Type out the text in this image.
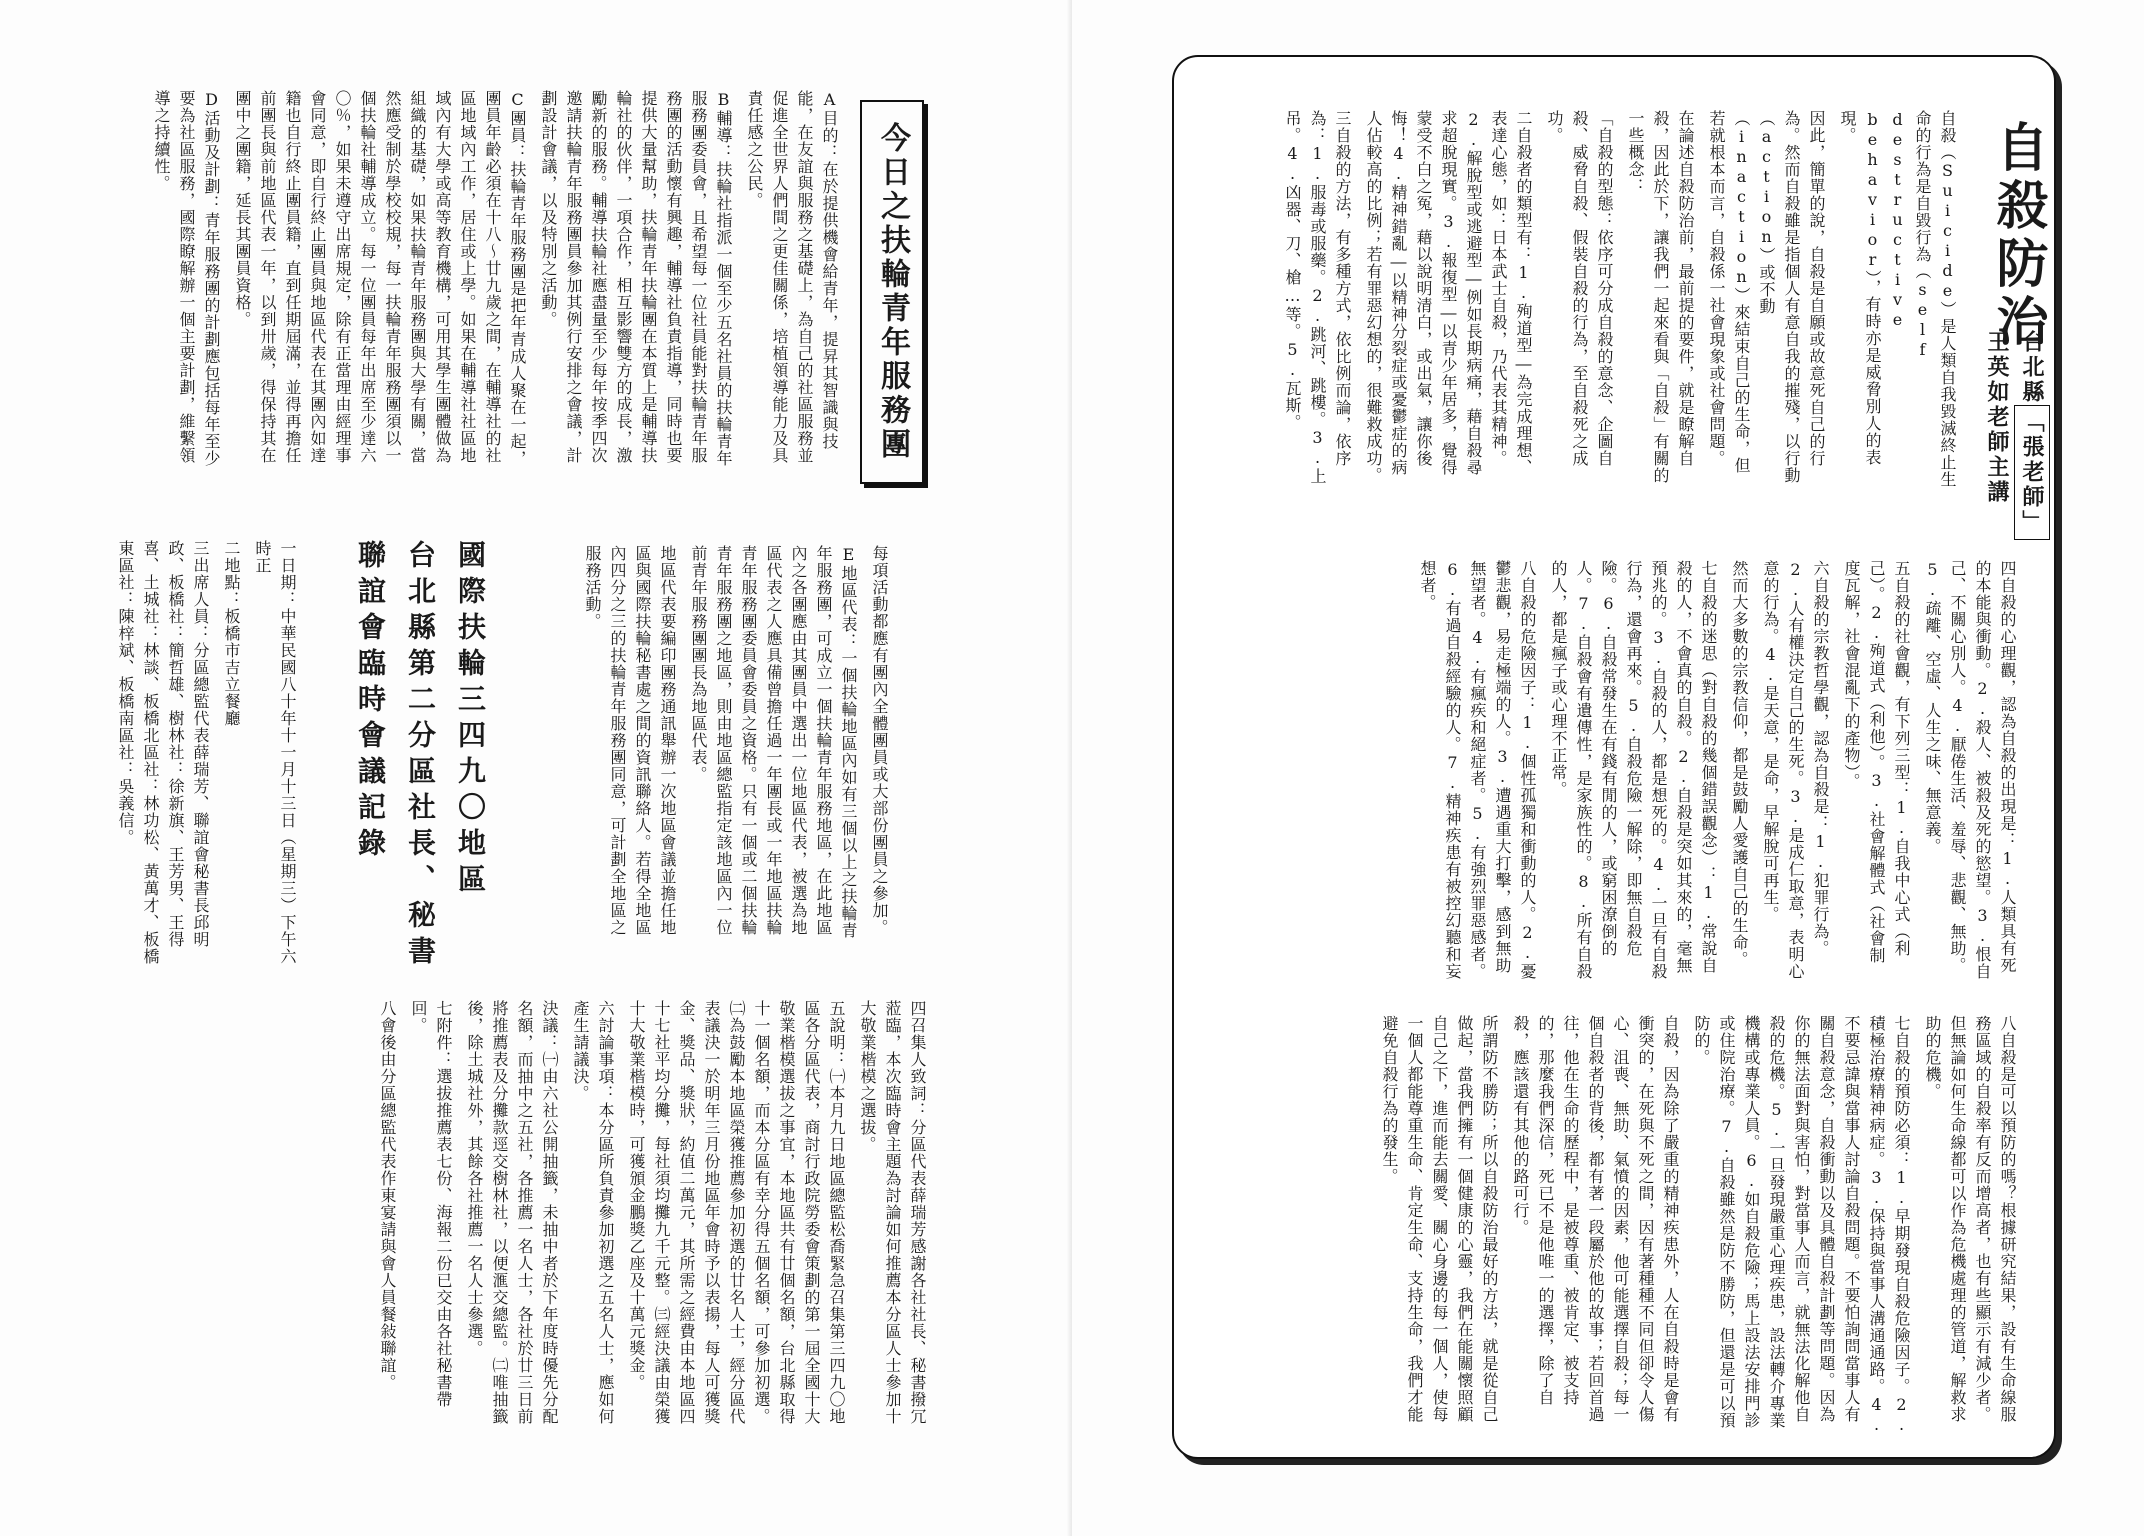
今日之扶輪青年服務團

A目的：在於提供機會給青年，提昇其智識與技能，在友誼與服務之基礎上，為自己的社區服務並促進全世界人們間之更佳關係，培植領導能力及具責任感之公民。

B輔導：扶輪社指派一個至少五名社員的扶輪青年服務團委員會，且希望每一位社員能對扶輪青年服務團的活動懷有興趣，輔導社負責指導，同時也要提供大量幫助，扶輪青年扶輪團在本質上是輔導扶輪社的伙伴，一項合作，相互影響雙方的成長，激勵新的服務。輔導扶輪社應盡量至少每年按季四次邀請扶輪青年服務團員參加其例行安排之會議，計劃設計會議，以及特別之活動。

C團員：扶輪青年服務團是把年青成人聚在一起，團員年齡必須在十八～廿九歲之間，在輔導社的社區地域內工作，居住或上學。如果在輔導社社區地域內有大學或高等教育機構，可用其學生團體做為組織的基礎，如果扶輪青年服務團與大學有關，當然應受制於學校校規，每一扶輪青年服務團須以一個扶輪社輔導成立。每一位團員每年出席至少達六〇％，如果未遵守出席規定，除有正當理由經理事會同意，即自行終止團員與地區代表在其團內如達籍也自行終止團員籍，直到任期屆滿，並得再擔任前團長與前地區代表一年，以到卅歲，得保持其在團中之團籍，延長其團員資格。

D活動及計劃：青年服務團的計劃應包括每年至少要為社區服務，國際瞭解辦一個主要計劃，維繫領導之持續性。

每項活動都應有團內全體團員或大部份團員之參加。

E地區代表：一個扶輪地區內如有三個以上之扶輪青年服務團，可成立一個扶輪青年服務地區，在此地區內之各團應由其團員中選出一位地區代表，被選為地區代表之人應具備曾擔任過一年團長或一年地區扶輪青年服務團委員會委員之資格。只有一個或二個扶輪青年服務團之地區，則由地區總監指定該地區內一位前青年服務團團長為地區代表。

地區代表要編印團務通訊舉辦一次地區會議並擔任地區與國際扶輪秘書處之間的資訊聯絡人。若得全地區內四分之三的扶輪青年服務團同意，可計劃全地區之服務活動。

國際扶輪三四九〇地區

台北縣第二分區社長、秘書

聯誼會臨時會議記錄

一日期：中華民國八十年十一月十三日（星期三）下午六時正

二地點：板橋市吉立餐廳

三出席人員：分區總監代表薛瑞芳、聯誼會秘書長邱明政、板橋社：簡哲雄、樹林社：徐新旗、王芳男、王得喜、土城社：林談、板橋北區社：林功松、黃萬才、板橋東區社：陳梓斌、板橋南區社：吳義信。

四召集人致詞：分區代表薛瑞芳感謝各社社長、秘書撥冗蒞臨，本次臨時會主題為討論如何推薦本分區人士參加十大敬業楷模之選拔。

五說明：㈠本月九日地區總監松喬緊急召集第三四九〇地區各分區代表，商討行政院勞委會策劃的第一屆全國十大敬業楷模選拔之事宜，本地區共有廿個名額，台北縣取得十一個名額，而本分區有幸分得五個名額，可參加初選。㈡為鼓勵本地區榮獲推薦參加初選的廿名人士，經分區代表議決一於明年三月份地區年會時予以表揚，每人可獲獎金、獎品、獎狀，約值二萬元，其所需之經費由本地區四十七社平均分攤，每社須均攤九千元整。㈢經決議由榮獲十大敬業楷模時，可獲頒金鵬獎乙座及十萬元獎金。

六討論事項：本分區所負責參加初選之五名人士，應如何產生請議決。

決議：㈠由六社公開抽籤，未抽中者於下年度時優先分配名額，而抽中之五社，各推薦一名人士，各社於廿三日前將推薦表及分攤款逕交樹林社，以便滙交總監。㈡唯抽籤後，除土城社外，其餘各社推薦一名人士參選。

七附件：選拔推薦表七份、海報二份已交由各社秘書帶回。

八會後由分區總監代表作東宴請與會人員餐敍聯誼。

自殺防治

台北縣「張老師」

王英如老師主講

自殺（Suicide）是人類自我毀滅終止生命的行為是自毀行為（self destructive behavior），有時亦是威脅別人的表現。

因此，簡單的說，自殺是自願或故意死自己的行為。然而自殺雖是指個人有意自我的摧殘，以行動（action）或不動（inaction）來結束自己的生命，但若就根本而言，自殺係一社會現象或社會問題。

在論述自殺防治前，最前提的要件，就是瞭解自殺，因此於下，讓我們一起來看與「自殺」有關的一些概念：

「自殺的型態：依序可分成自殺的意念、企圖自殺、威脅自殺、假裝自殺的行為，至自殺死之成功。

二自殺者的類型有：1.殉道型―為完成理想、表達心態，如：日本武士自殺，乃代表其精神。2.解脫型或逃避型―例如長期病痛，藉自殺尋求超脫現實。3.報復型―以青少年居多，覺得蒙受不白之冤，藉以說明清白，或出氣，讓你後悔！4.精神錯亂―以精神分裂症或憂鬱症的病人佔較高的比例；若有罪惡幻想的，很難救成功。

三自殺的方法，有多種方式，依比例而論，依序為：1.服毒或服藥。2.跳河、跳樓。3.上吊。4.凶器、刀、槍…等。5.瓦斯。

四自殺的心理觀，認為自殺的出現是：1.人類具有死的本能與衝動。2.殺人、被殺及死的慾望。3.恨自己、不關心別人。4.厭倦生活、羞辱、悲觀、無助。5.疏離、空虛、人生之味、無意義。

五自殺的社會觀，有下列三型：1.自我中心式（利己）。2.殉道式（利他）。3.社會解體式（社會制度瓦解，社會混亂下的產物）。

六自殺的宗教哲學觀，認為自殺是：1.犯罪行為。2.人有權決定自己的生死。3.是成仁取意，表明心意的行為。4.是天意，是命，早解脫可再生。

然而大多數的宗教信仰，都是鼓勵人愛護自己的生命。

七自殺的迷思（對自殺的幾個錯誤觀念）：1.常說自殺的人，不會真的自殺。2.自殺是突如其來的，毫無預兆的。3.自殺的人，都是想死的。4.一旦有自殺行為，還會再來。5.自殺危險一解除，即無自殺危險。6.自殺常發生在有錢有閒的人，或窮困潦倒的人。7.自殺會有遺傳性，是家族性的。8.所有自殺的人，都是瘋子或心理不正常。

八自殺的危險因子：1.個性孤獨和衝動的人。2.憂鬱悲觀，易走極端的人。3.遭遇重大打擊，感到無助無望者。4.有瘋疾和絕症者。5.有強烈罪惡感者。6.有過自殺經驗的人。7.精神疾患有被控幻聽和妄想者。

八自殺是可以預防的嗎？根據研究結果，設有生命線服務區域的自殺率有反而增高者，也有些顯示有減少者。但無論如何生命線都可以作為危機處理的管道，解救求助的危機。

七自殺的預防必須：1.早期發現自殺危險因子。2.積極治療精神病症。3.保持與當事人溝通通路。4.不要忌諱與當事人討論自殺問題。不要怕詢問當事人有關自殺意念，自殺衝動以及具體自殺計劃等問題。因為你的無法面對與害怕，對當事人而言，就無法化解他自殺的危機。5.一旦發現嚴重心理疾患，設法轉介專業機構或專業人員。6.如自殺危險；馬上設法安排門診或住院治療。7.自殺雖然是防不勝防，但還是可以預防的。

自殺，因為除了嚴重的精神疾患外，人在自殺時是會有衝突的，在死與不死之間，因有著種種不同但卻令人傷心、沮喪、無助、氣憤的因素，他可能選擇自殺；每一個自殺者的背後，都有著一段屬於他的故事；若回首過往，他在生命的歷程中，是被尊重、被肯定、被支持的，那麼我們深信，死已不是他唯一的選擇，除了自殺，應該還有其他的路可行。

所謂防不勝防；所以自殺防治最好的方法，就是從自己做起，當我們擁有一個健康的心靈，我們在能關懷照顧自己之下，進而能去關愛、關心身邊的每一個人，使每一個人都能尊重生命、肯定生命、支持生命，我們才能避免自殺行為的發生。
